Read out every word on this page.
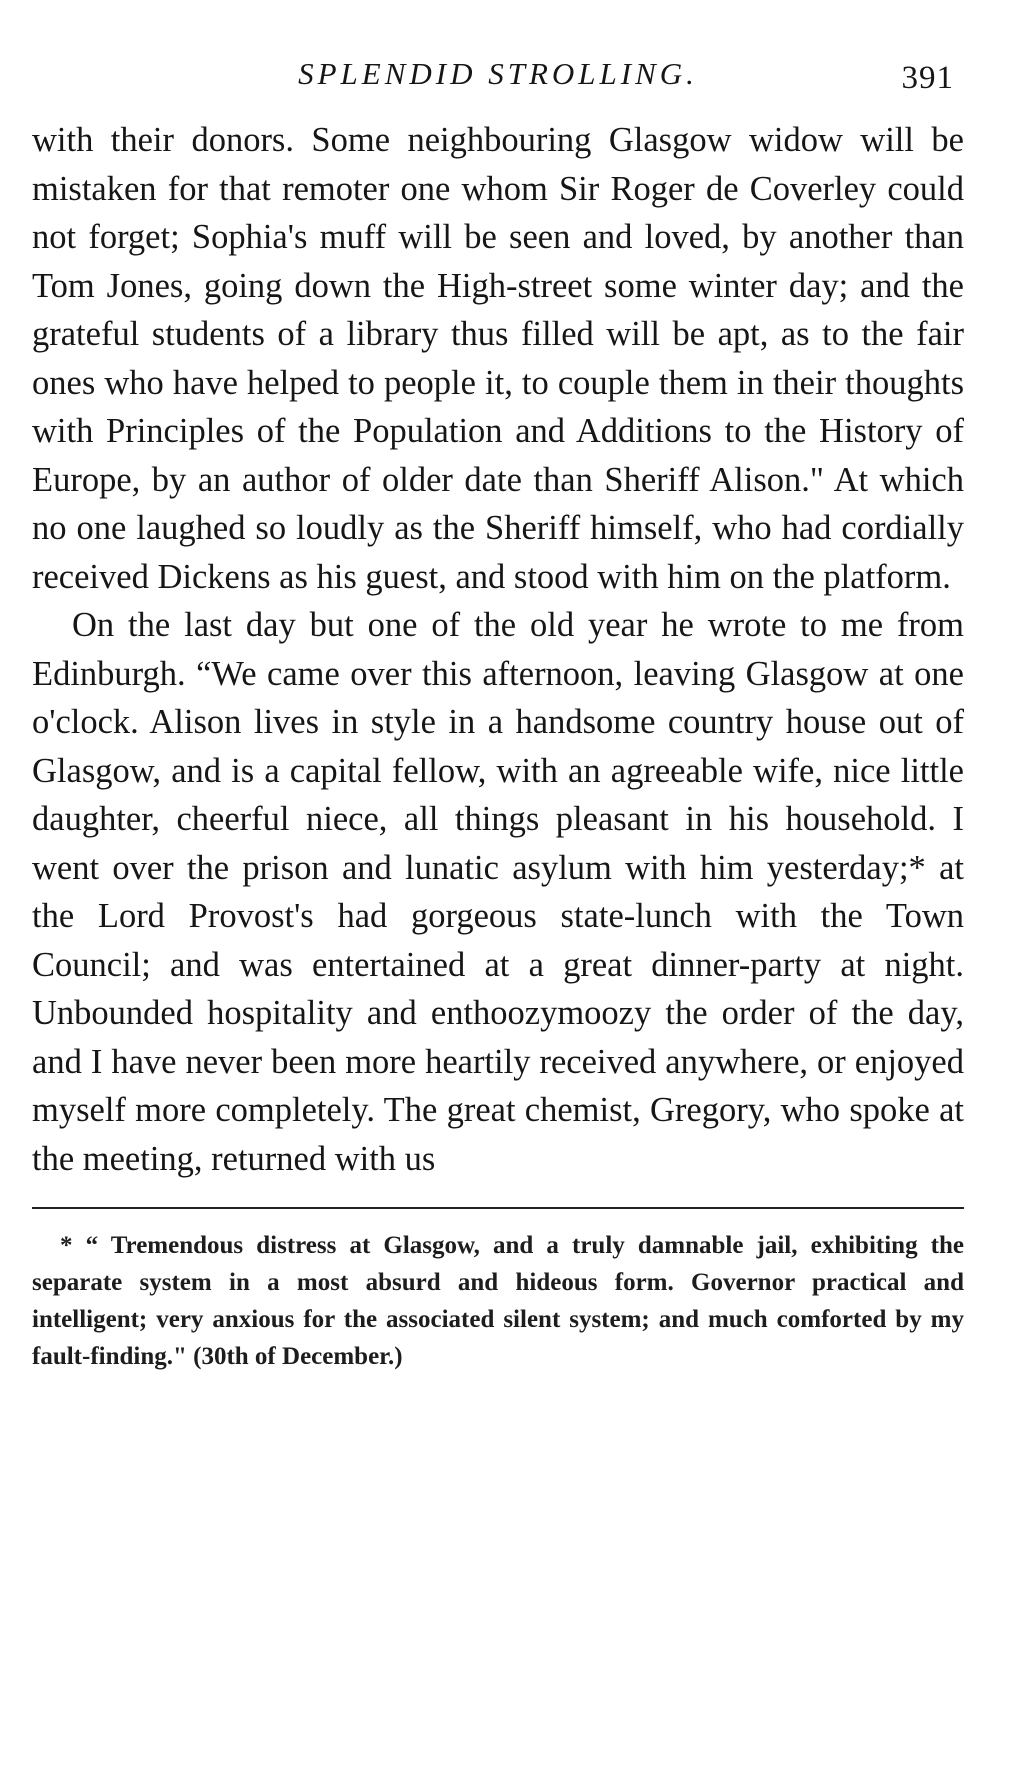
SPLENDID STROLLING.	391

with their donors. Some neighbouring Glasgow widow will be mistaken for that remoter one whom Sir Roger de Coverley could not forget; Sophia's muff will be seen and loved, by another than Tom Jones, going down the High-street some winter day; and the grateful students of a library thus filled will be apt, as to the fair ones who have helped to people it, to couple them in their thoughts with Principles of the Population and Additions to the History of Europe, by an author of older date than Sheriff Alison." At which no one laughed so loudly as the Sheriff himself, who had cordially received Dickens as his guest, and stood with him on the platform.

On the last day but one of the old year he wrote to me from Edinburgh. “We came over this afternoon, leaving Glasgow at one o'clock. Alison lives in style in a handsome country house out of Glasgow, and is a capital fellow, with an agreeable wife, nice little daughter, cheerful niece, all things pleasant in his household. I went over the prison and lunatic asylum with him yesterday;* at the Lord Provost's had gorgeous state-lunch with the Town Council; and was entertained at a great dinner-party at night. Unbounded hospitality and enthoozymoozy the order of the day, and I have never been more heartily received anywhere, or enjoyed myself more completely. The great chemist, Gregory, who spoke at the meeting, returned with us

* “ Tremendous distress at Glasgow, and a truly damnable jail, exhibiting the separate system in a most absurd and hideous form. Governor practical and intelligent; very anxious for the associated silent system; and much comforted by my fault-finding." (30th of December.)
